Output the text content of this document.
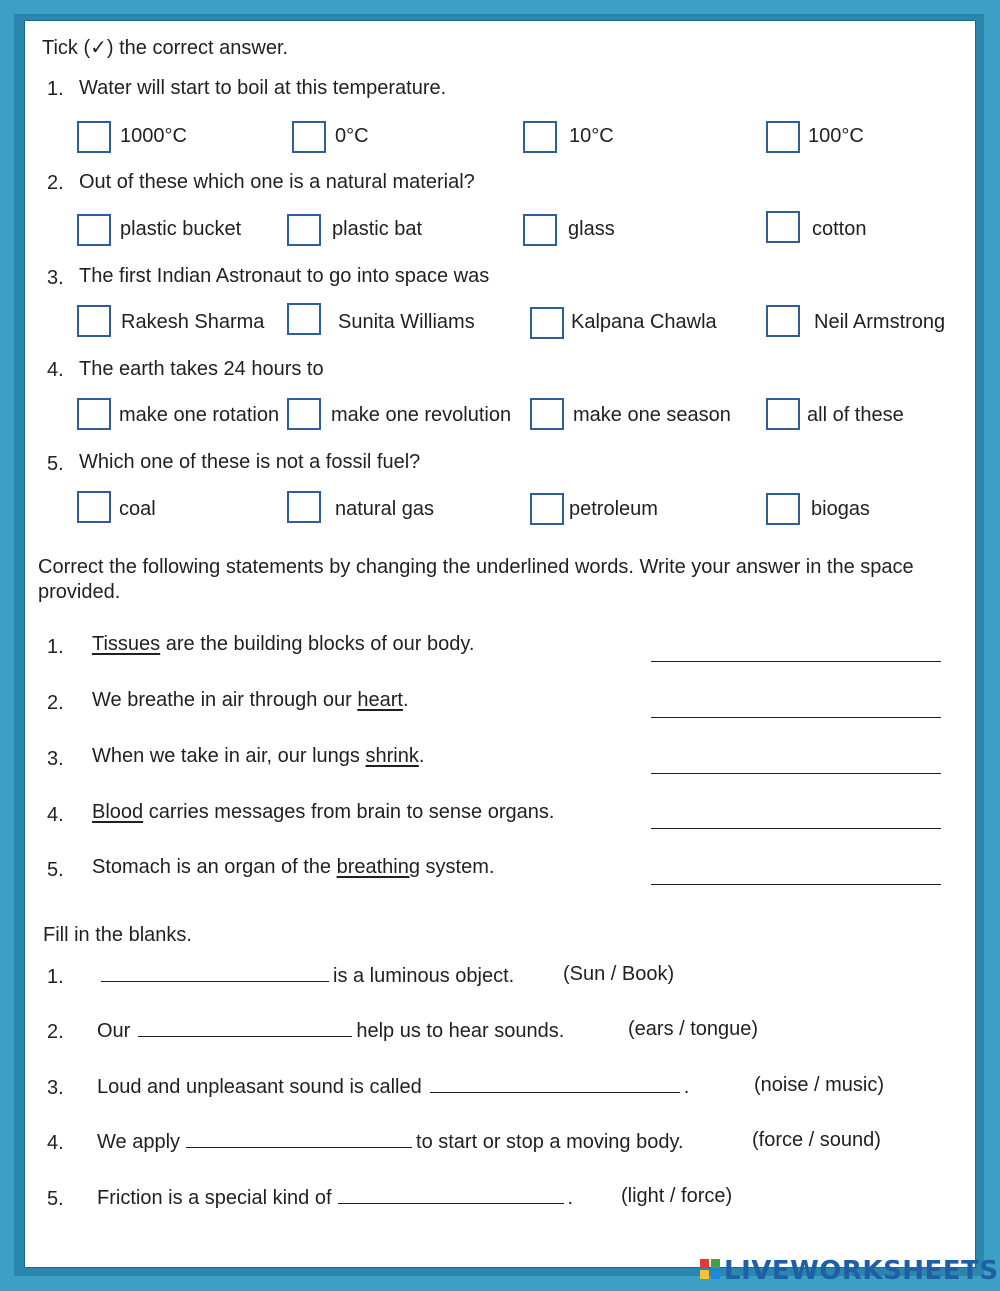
Tick (✓) the correct answer.
1. Water will start to boil at this temperature.
1000°C	0°C	10°C	100°C
2. Out of these which one is a natural material?
plastic bucket	plastic bat	glass	cotton
3. The first Indian Astronaut to go into space was
Rakesh Sharma	Sunita Williams	Kalpana Chawla	Neil Armstrong
4. The earth takes 24 hours to
make one rotation	make one revolution	make one season	all of these
5. Which one of these is not a fossil fuel?
coal	natural gas	petroleum	biogas
Correct the following statements by changing the underlined words. Write your answer in the space provided.
1. Tissues are the building blocks of our body.
2. We breathe in air through our heart.
3. When we take in air, our lungs shrink.
4. Blood carries messages from brain to sense organs.
5. Stomach is an organ of the breathing system.
Fill in the blanks.
1.	is a luminous object. (Sun / Book)
2. Our	help us to hear sounds.	(ears / tongue)
3. Loud and unpleasant sound is called	.	(noise / music)
4. We apply	to start or stop a moving body.	(force / sound)
5. Friction is a special kind of	. (light / force)
LIVEWORKSHEETS
